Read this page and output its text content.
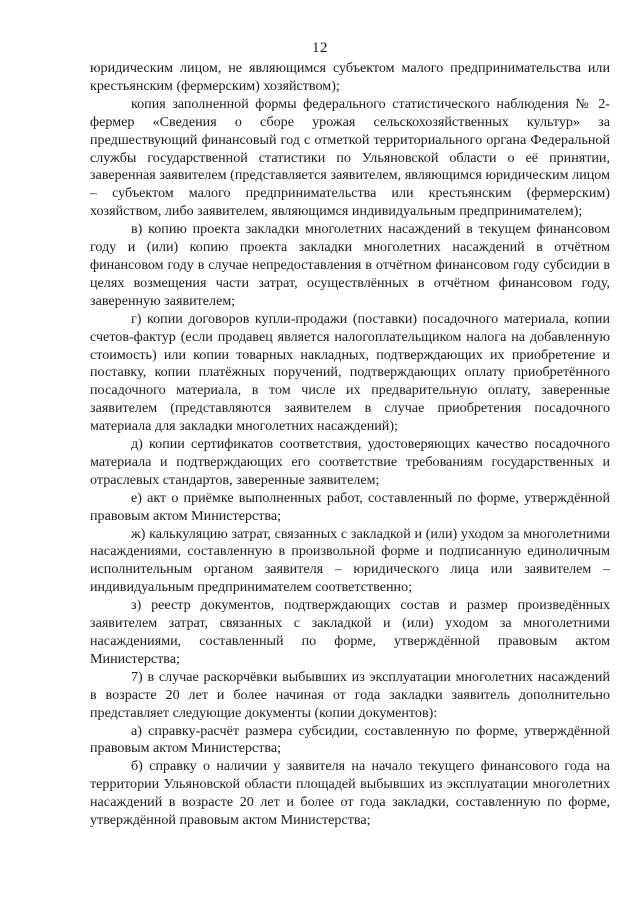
12

юридическим лицом, не являющимся субъектом малого предпринимательства или крестьянским (фермерским) хозяйством);

копия заполненной формы федерального статистического наблюдения № 2-фермер «Сведения о сборе урожая сельскохозяйственных культур» за предшествующий финансовый год с отметкой территориального органа Федеральной службы государственной статистики по Ульяновской области о её принятии, заверенная заявителем (представляется заявителем, являющимся юридическим лицом – субъектом малого предпринимательства или крестьянским (фермерским) хозяйством, либо заявителем, являющимся индивидуальным предпринимателем);

в) копию проекта закладки многолетних насаждений в текущем финансовом году и (или) копию проекта закладки многолетних насаждений в отчётном финансовом году в случае непредоставления в отчётном финансовом году субсидии в целях возмещения части затрат, осуществлённых в отчётном финансовом году, заверенную заявителем;

г) копии договоров купли-продажи (поставки) посадочного материала, копии счетов-фактур (если продавец является налогоплательщиком налога на добавленную стоимость) или копии товарных накладных, подтверждающих их приобретение и поставку, копии платёжных поручений, подтверждающих оплату приобретённого посадочного материала, в том числе их предварительную оплату, заверенные заявителем (представляются заявителем в случае приобретения посадочного материала для закладки многолетних насаждений);

д) копии сертификатов соответствия, удостоверяющих качество посадочного материала и подтверждающих его соответствие требованиям государственных и отраслевых стандартов, заверенные заявителем;

е) акт о приёмке выполненных работ, составленный по форме, утверждённой правовым актом Министерства;

ж) калькуляцию затрат, связанных с закладкой и (или) уходом за многолетними насаждениями, составленную в произвольной форме и подписанную единоличным исполнительным органом заявителя – юридического лица или заявителем – индивидуальным предпринимателем соответственно;

з) реестр документов, подтверждающих состав и размер произведённых заявителем затрат, связанных с закладкой и (или) уходом за многолетними насаждениями, составленный по форме, утверждённой правовым актом Министерства;

7) в случае раскорчёвки выбывших из эксплуатации многолетних насаждений в возрасте 20 лет и более начиная от года закладки заявитель дополнительно представляет следующие документы (копии документов):

а) справку-расчёт размера субсидии, составленную по форме, утверждённой правовым актом Министерства;

б) справку о наличии у заявителя на начало текущего финансового года на территории Ульяновской области площадей выбывших из эксплуатации многолетних насаждений в возрасте 20 лет и более от года закладки, составленную по форме, утверждённой правовым актом Министерства;
